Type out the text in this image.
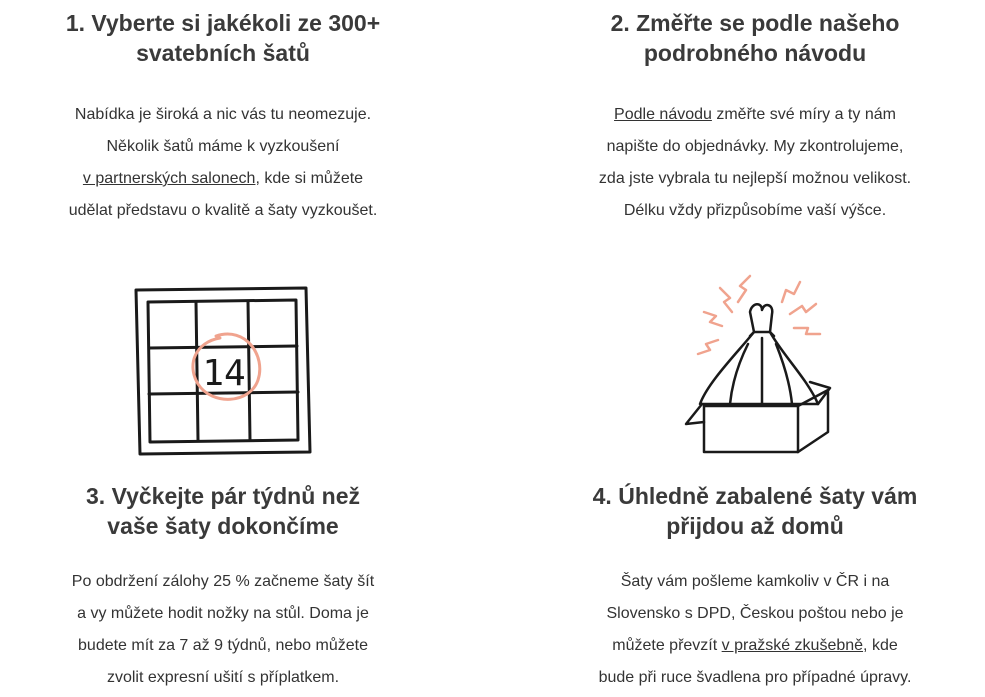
1. Vyberte si jakékoli ze 300+
svatebních šatů

Nabídka je široká a nic vás tu neomezuje.

Několik šatů máme k vyzkoušení

v partnerských salonech, kde si můžete

udělat představu o kvalitě a šaty vyzkoušet.

2. Změřte se podle našeho
podrobného návodu

Podle návodu změřte své míry a ty nám

napište do objednávky. My zkontrolujeme,

zda jste vybrala tu nejlepší možnou velikost.

Délku vždy přizpůsobíme vaší výšce.

14
3. Vyčkejte pár týdnů než
vaše šaty dokončíme

Po obdržení zálohy 25 % začneme šaty šít

a vy můžete hodit nožky na stůl. Doma je

budete mít za 7 až 9 týdnů, nebo můžete

zvolit expresní ušití s příplatkem.

4. Úhledně zabalené šaty vám
přijdou až domů

Šaty vám pošleme kamkoliv v ČR i na

Slovensko s DPD, Českou poštou nebo je

můžete převzít v pražské zkušebně, kde

bude při ruce švadlena pro případné úpravy.
